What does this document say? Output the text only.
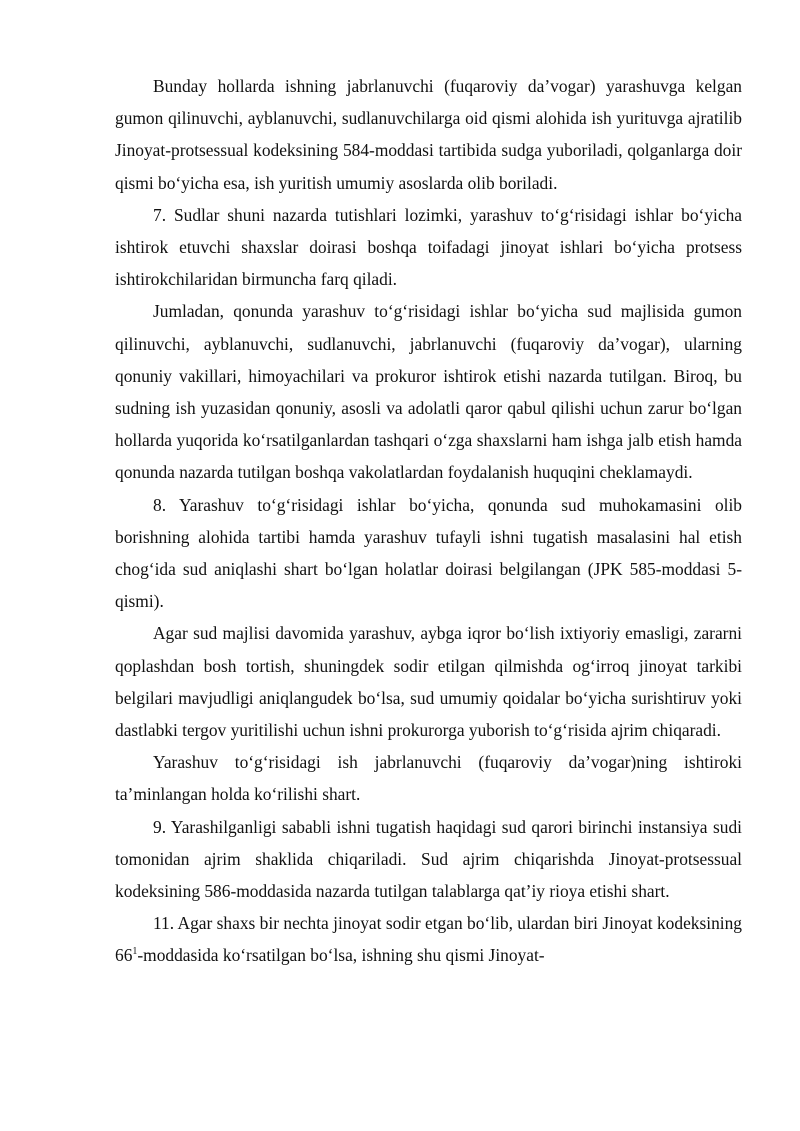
Bunday hollarda ishning jabrlanuvchi (fuqaroviy da’vogar) yarashuvga kelgan gumon qilinuvchi, ayblanuvchi, sudlanuvchilarga oid qismi alohida ish yurituvga ajratilib Jinoyat-protsessual kodeksining 584-moddasi tartibida sudga yuboriladi, qolganlarga doir qismi bo‘yicha esa, ish yuritish umumiy asoslarda olib boriladi.

7. Sudlar shuni nazarda tutishlari lozimki, yarashuv to‘g‘risidagi ishlar bo‘yicha ishtirok etuvchi shaxslar doirasi boshqa toifadagi jinoyat ishlari bo‘yicha protsess ishtirokchilaridan birmuncha farq qiladi.

Jumladan, qonunda yarashuv to‘g‘risidagi ishlar bo‘yicha sud majlisida gumon qilinuvchi, ayblanuvchi, sudlanuvchi, jabrlanuvchi (fuqaroviy da’vogar), ularning qonuniy vakillari, himoyachilari va prokuror ishtirok etishi nazarda tutilgan. Biroq, bu sudning ish yuzasidan qonuniy, asosli va adolatli qaror qabul qilishi uchun zarur bo‘lgan hollarda yuqorida ko‘rsatilganlardan tashqari o‘zga shaxslarni ham ishga jalb etish hamda qonunda nazarda tutilgan boshqa vakolatlardan foydalanish huquqini cheklamaydi.

8. Yarashuv to‘g‘risidagi ishlar bo‘yicha, qonunda sud muhokamasini olib borishning alohida tartibi hamda yarashuv tufayli ishni tugatish masalasini hal etish chog‘ida sud aniqlashi shart bo‘lgan holatlar doirasi belgilangan (JPK 585-moddasi 5-qismi).

Agar sud majlisi davomida yarashuv, aybga iqror bo‘lish ixtiyoriy emasligi, zararni qoplashdan bosh tortish, shuningdek sodir etilgan qilmishda og‘irroq jinoyat tarkibi belgilari mavjudligi aniqlangudek bo‘lsa, sud umumiy qoidalar bo‘yicha surishtiruv yoki dastlabki tergov yuritilishi uchun ishni prokurorga yuborish to‘g‘risida ajrim chiqaradi.

Yarashuv to‘g‘risidagi ish jabrlanuvchi (fuqaroviy da’vogar)ning ishtiroki ta’minlangan holda ko‘rilishi shart.

9. Yarashilganligi sababli ishni tugatish haqidagi sud qarori birinchi instansiya sudi tomonidan ajrim shaklida chiqariladi. Sud ajrim chiqarishda Jinoyat-protsessual kodeksining 586-moddasida nazarda tutilgan talablarga qat’iy rioya etishi shart.

11. Agar shaxs bir nechta jinoyat sodir etgan bo‘lib, ulardan biri Jinoyat kodeksining $66^1$-moddasida ko‘rsatilgan bo‘lsa, ishning shu qismi Jinoyat-
